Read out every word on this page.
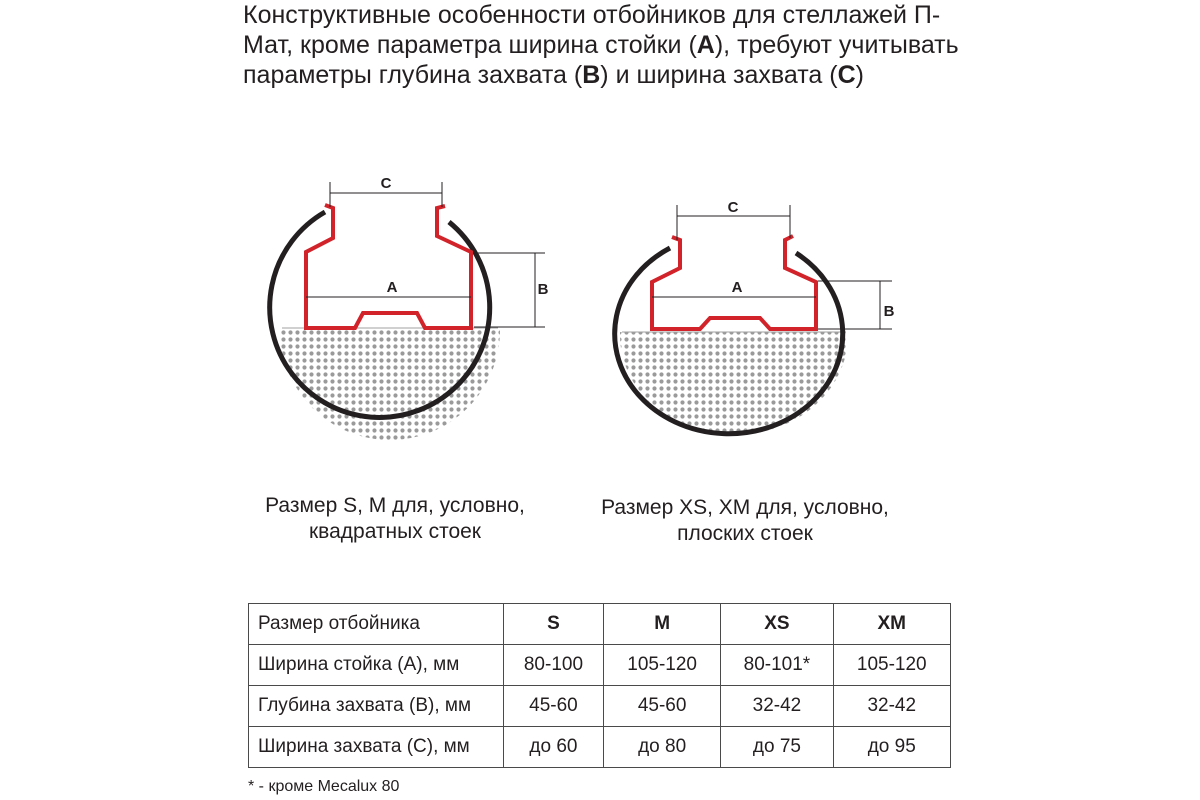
Конструктивные особенности отбойников для стеллажей П-Мат, кроме параметра ширина стойки (A), требуют учитывать параметры глубина захвата (B) и ширина захвата (C)
C
A	B
C
A
B
Размер S, M для, условно,
квадратных стоек
Размер XS, XM для, условно,
плоских стоек
Размер отбойника	S	M	XS	XM
Ширина стойка (A), мм	80-100	105-120	80-101*	105-120
Глубина захвата (B), мм	45-60	45-60	32-42	32-42
Ширина захвата (C), мм	до 60	до 80	до 75	до 95
* - кроме Mecalux 80
